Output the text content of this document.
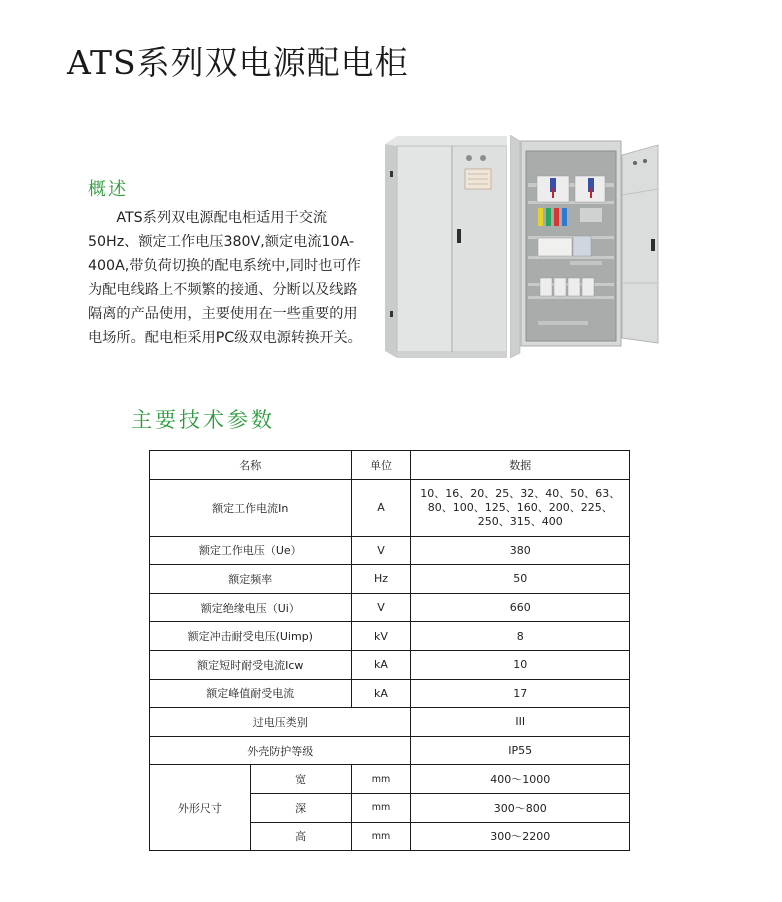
ATS系列双电源配电柜
概述

ATS系列双电源配电柜适用于交流50Hz、额定工作电压380V,额定电流10A-400A,带负荷切换的配电系统中,同时也可作为配电线路上不频繁的接通、分断以及线路隔离的产品使用，主要使用在一些重要的用电场所。配电柜采用PC级双电源转换开关。

主要技术参数
名称		单位	数据
额定工作电流In		A	10、16、20、25、32、40、50、63、80、100、125、160、200、225、250、315、400
额定工作电压（Ue）		V	380
额定频率		Hz	50
额定绝缘电压（Ui）		V	660
额定冲击耐受电压(Uimp)		kV	8
额定短时耐受电流Icw		kA	10
额定峰值耐受电流		kA	17
过电压类别			III
外壳防护等级			IP55
外形尺寸	宽	mm	400～1000
	深	mm	300～800
	高	mm	300～2200
